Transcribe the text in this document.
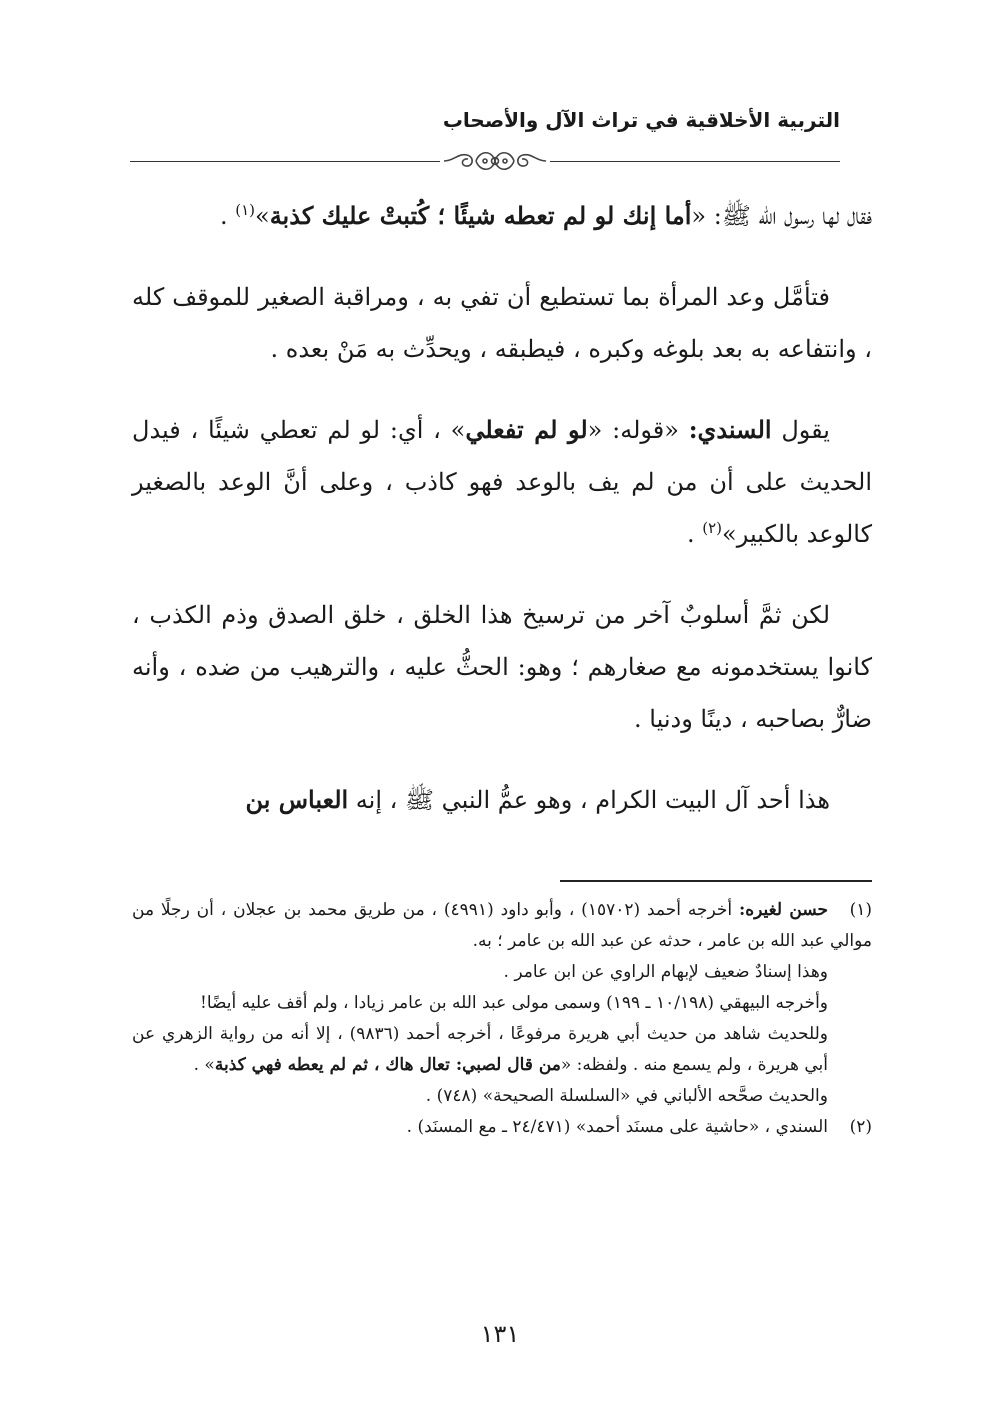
التربية الأخلاقية في تراث الآل والأصحاب

فقال لها رسول الله ﷺ: «أما إنك لو لم تعطه شيئًا ؛ كُتبتْ عليك كذبة»$^{(١)}$ .

فتأمَّل وعد المرأة بما تستطيع أن تفي به ، ومراقبة الصغير للموقف كله ، وانتفاعه به بعد بلوغه وكبره ، فيطبقه ، ويحدِّث به مَنْ بعده .

يقول السندي: «قوله: «لو لم تفعلي» ، أي: لو لم تعطي شيئًا ، فيدل الحديث على أن من لم يف بالوعد فهو كاذب ، وعلى أنَّ الوعد بالصغير كالوعد بالكبير»$^{(٢)}$ .

لكن ثمَّ أسلوبٌ آخر من ترسيخ هذا الخلق ، خلق الصدق وذم الكذب ، كانوا يستخدمونه مع صغارهم ؛ وهو: الحثُّ عليه ، والترهيب من ضده ، وأنه ضارٌّ بصاحبه ، دينًا ودنيا .

هذا أحد آل البيت الكرام ، وهو عمُّ النبي ﷺ ، إنه العباس بن

(١)حسن لغيره: أخرجه أحمد (١٥٧٠٢) ، وأبو داود (٤٩٩١) ، من طريق محمد بن عجلان ، أن رجلًا من موالي عبد الله بن عامر ، حدثه عن عبد الله بن عامر ؛ به.

وهذا إسنادٌ ضعيف لإبهام الراوي عن ابن عامر .

وأخرجه البيهقي (١٠/١٩٨ ـ ١٩٩) وسمى مولى عبد الله بن عامر زيادا ، ولم أقف عليه أيضًا!

وللحديث شاهد من حديث أبي هريرة مرفوعًا ، أخرجه أحمد (٩٨٣٦) ، إلا أنه من رواية الزهري عن أبي هريرة ، ولم يسمع منه . ولفظه: «من قال لصبي: تعال هاك ، ثم لم يعطه فهي كذبة» .

والحديث صحَّحه الألباني في «السلسلة الصحيحة» (٧٤٨) .

(٢)السندي ، «حاشية على مسنَد أحمد» (٢٤/٤٧١ ـ مع المسنَد) .

١٣١
